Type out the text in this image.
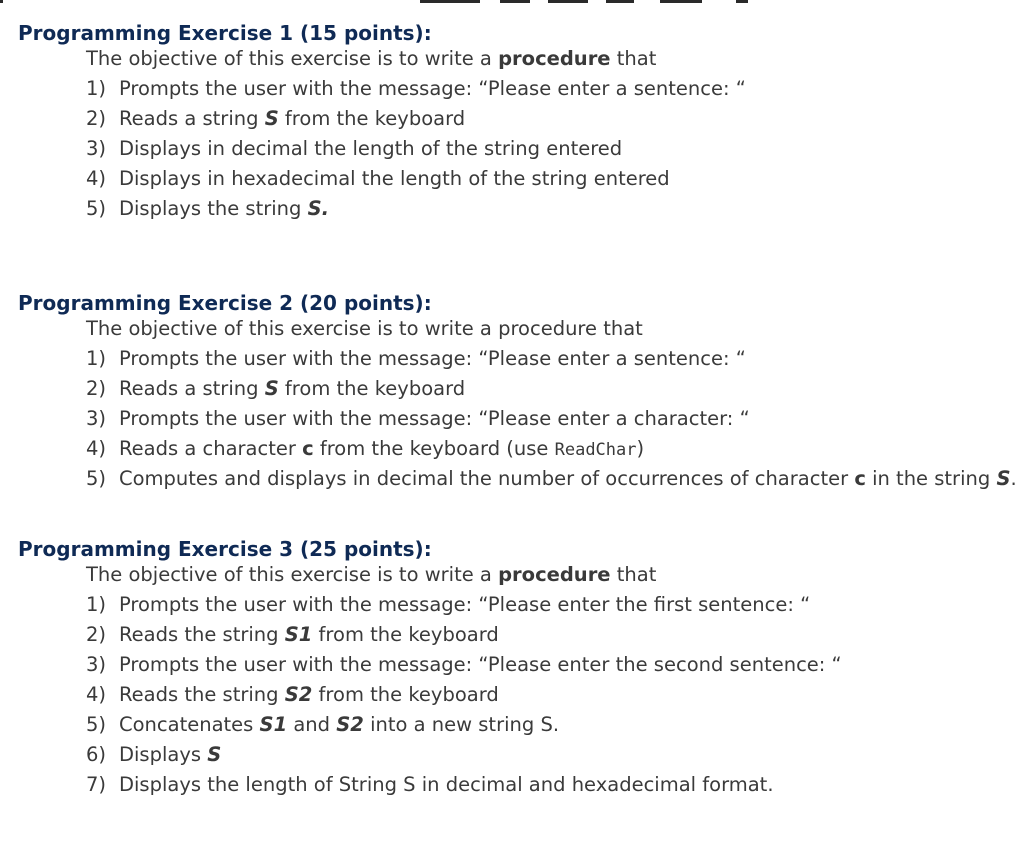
Programming Exercise 1 (15 points):
The objective of this exercise is to write a procedure that
1) Prompts the user with the message: “Please enter a sentence: “
2) Reads a string S from the keyboard
3) Displays in decimal the length of the string entered
4) Displays in hexadecimal the length of the string entered
5) Displays the string S.
Programming Exercise 2 (20 points):
The objective of this exercise is to write a procedure that
1) Prompts the user with the message: “Please enter a sentence: “
2) Reads a string S from the keyboard
3) Prompts the user with the message: “Please enter a character: “
4) Reads a character c from the keyboard (use ReadChar)
5) Computes and displays in decimal the number of occurrences of character c in the string S.
Programming Exercise 3 (25 points):
The objective of this exercise is to write a procedure that
1) Prompts the user with the message: “Please enter the first sentence: “
2) Reads the string S1 from the keyboard
3) Prompts the user with the message: “Please enter the second sentence: “
4) Reads the string S2 from the keyboard
5) Concatenates S1 and S2 into a new string S.
6) Displays S
7) Displays the length of String S in decimal and hexadecimal format.
